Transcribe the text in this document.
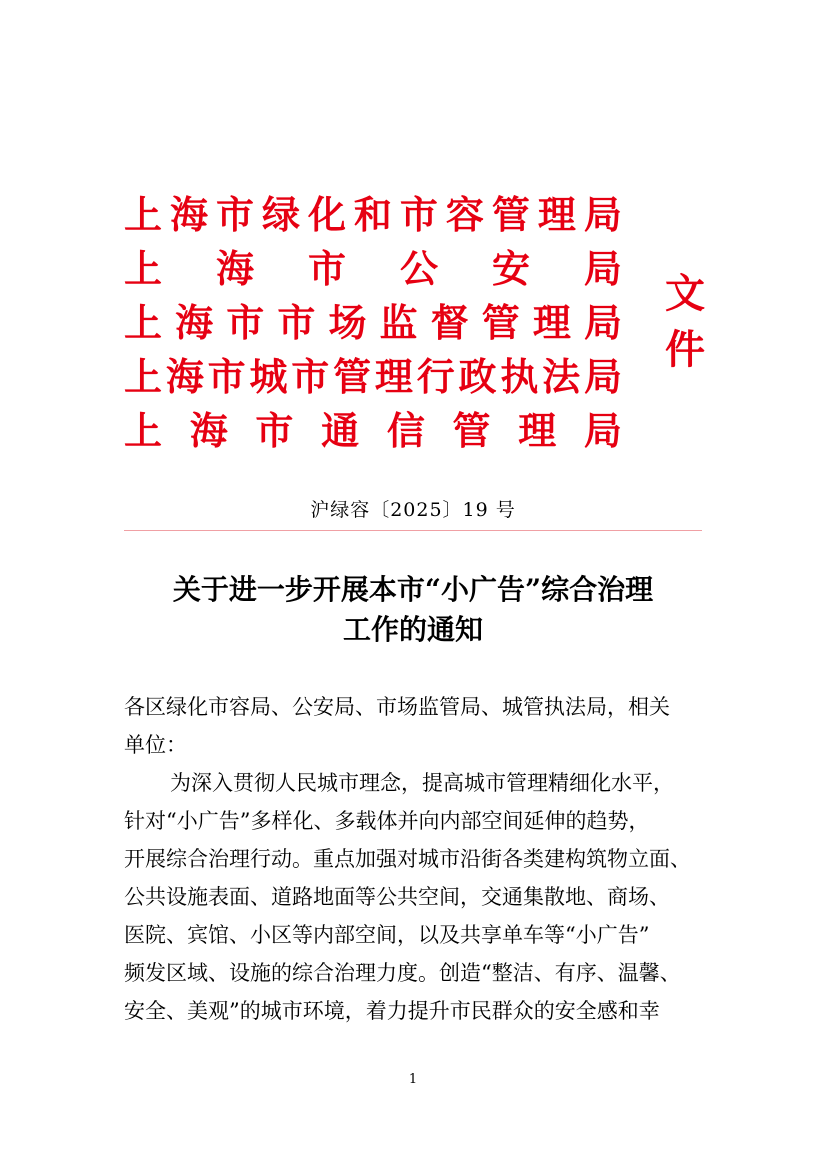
上 海 市 绿 化 和 市 容 管 理 局
上 海 市 公 安 局
上 海 市 市 场 监 督 管 理 局
上 海 市 城 市 管 理 行 政 执 法 局
上 海 市 通 信 管 理 局
文
件
沪绿容〔2025〕19 号
关于进一步开展本市“小广告”综合治理
工作的通知
各区绿化市容局、公安局、市场监管局、城管执法局，相关
单位：
为深入贯彻人民城市理念，提高城市管理精细化水平，
针对“小广告”多样化、多载体并向内部空间延伸的趋势，
开展综合治理行动。重点加强对城市沿街各类建构筑物立面、
公共设施表面、道路地面等公共空间，交通集散地、商场、
医院、宾馆、小区等内部空间，以及共享单车等“小广告”
频发区域、设施的综合治理力度。创造“整洁、有序、温馨、
安全、美观”的城市环境，着力提升市民群众的安全感和幸
1
